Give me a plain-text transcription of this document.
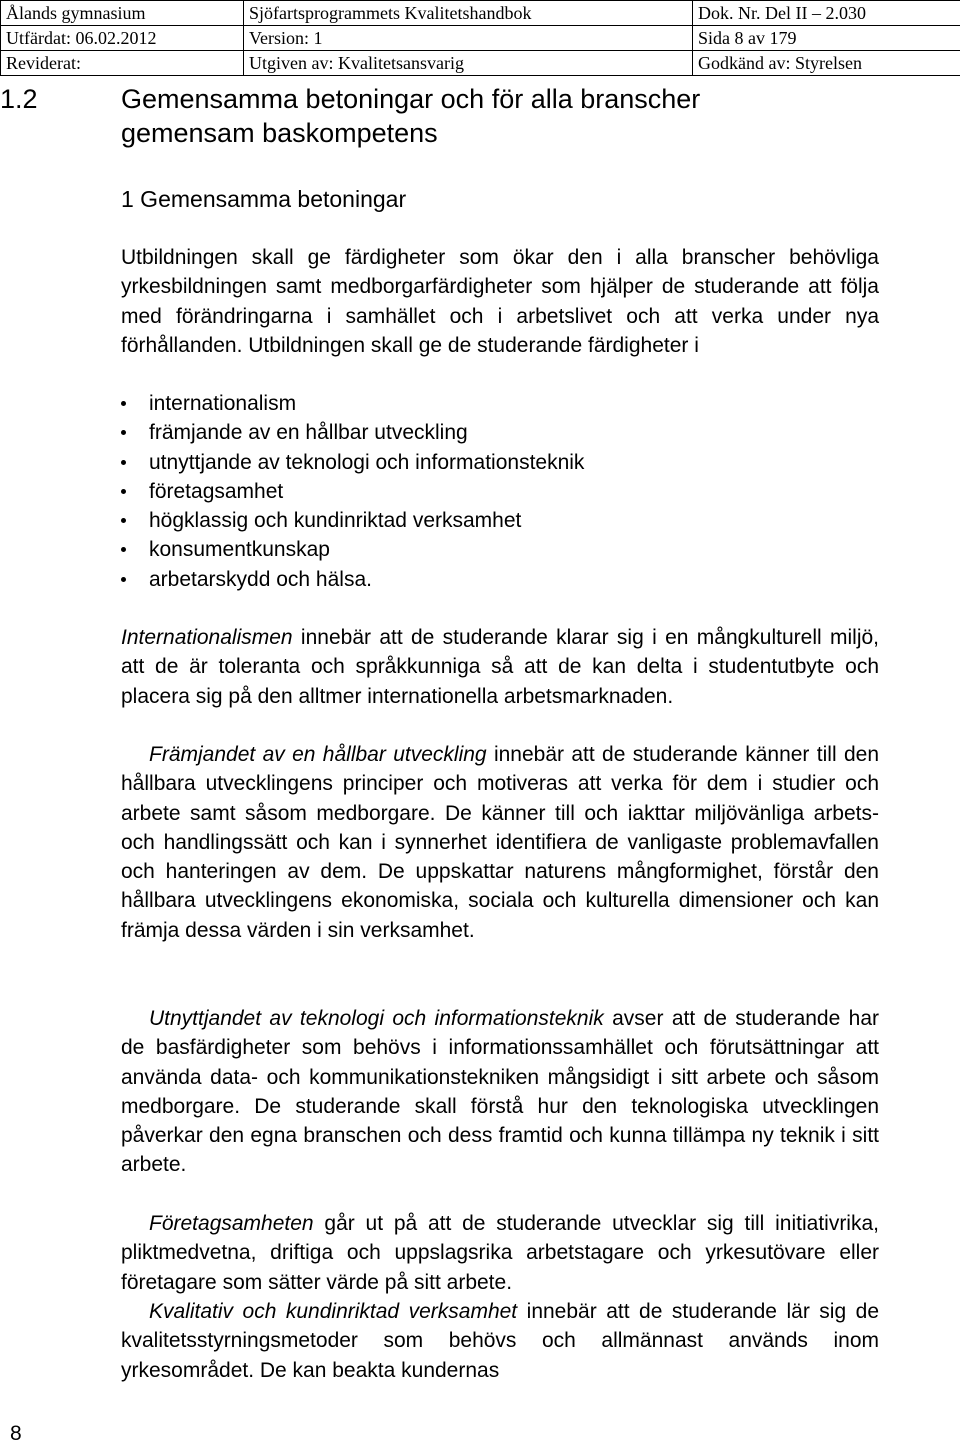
Ålands gymnasium	Sjöfartsprogrammets Kvalitetshandbok	Dok. Nr. Del II – 2.030
Utfärdat: 06.02.2012	Version: 1	Sida 8 av 179
Reviderat:	Utgiven av: Kvalitetsansvarig	Godkänd av: Styrelsen
1.2	Gemensamma betoningar och för alla branscher gemensam baskompetens
1 Gemensamma betoningar

Utbildningen skall ge färdigheter som ökar den i alla branscher behövliga yrkesbildningen samt medborgarfärdigheter som hjälper de studerande att följa med förändringarna i samhället och i arbetslivet och att verka under nya förhållanden. Utbildningen skall ge de studerande färdigheter i

internationalism
främjande av en hållbar utveckling
utnyttjande av teknologi och informationsteknik
företagsamhet
högklassig och kundinriktad verksamhet
konsumentkunskap
arbetarskydd och hälsa.

Internationalismen innebär att de studerande klarar sig i en mångkulturell miljö, att de är toleranta och språkkunniga så att de kan delta i studentutbyte och placera sig på den alltmer internationella arbetsmarknaden.

Främjandet av en hållbar utveckling innebär att de studerande känner till den hållbara utvecklingens principer och motiveras att verka för dem i studier och arbete samt såsom medborgare. De känner till och iakttar miljövänliga arbets- och handlingssätt och kan i synnerhet identifiera de vanligaste problemavfallen och hanteringen av dem. De uppskattar naturens mångformighet, förstår den hållbara utvecklingens ekonomiska, sociala och kulturella dimensioner och kan främja dessa värden i sin verksamhet.

Utnyttjandet av teknologi och informationsteknik avser att de studerande har de basfärdigheter som behövs i informationssamhället och förutsättningar att använda data- och kommunikationstekniken mångsidigt i sitt arbete och såsom medborgare. De studerande skall förstå hur den teknologiska utvecklingen påverkar den egna branschen och dess framtid och kunna tillämpa ny teknik i sitt arbete.

Företagsamheten går ut på att de studerande utvecklar sig till initiativrika, pliktmedvetna, driftiga och uppslagsrika arbetstagare och yrkesutövare eller företagare som sätter värde på sitt arbete.

Kvalitativ och kundinriktad verksamhet innebär att de studerande lär sig de kvalitetsstyrningsmetoder som behövs och allmännast används inom yrkesområdet. De kan beakta kundernas

8
